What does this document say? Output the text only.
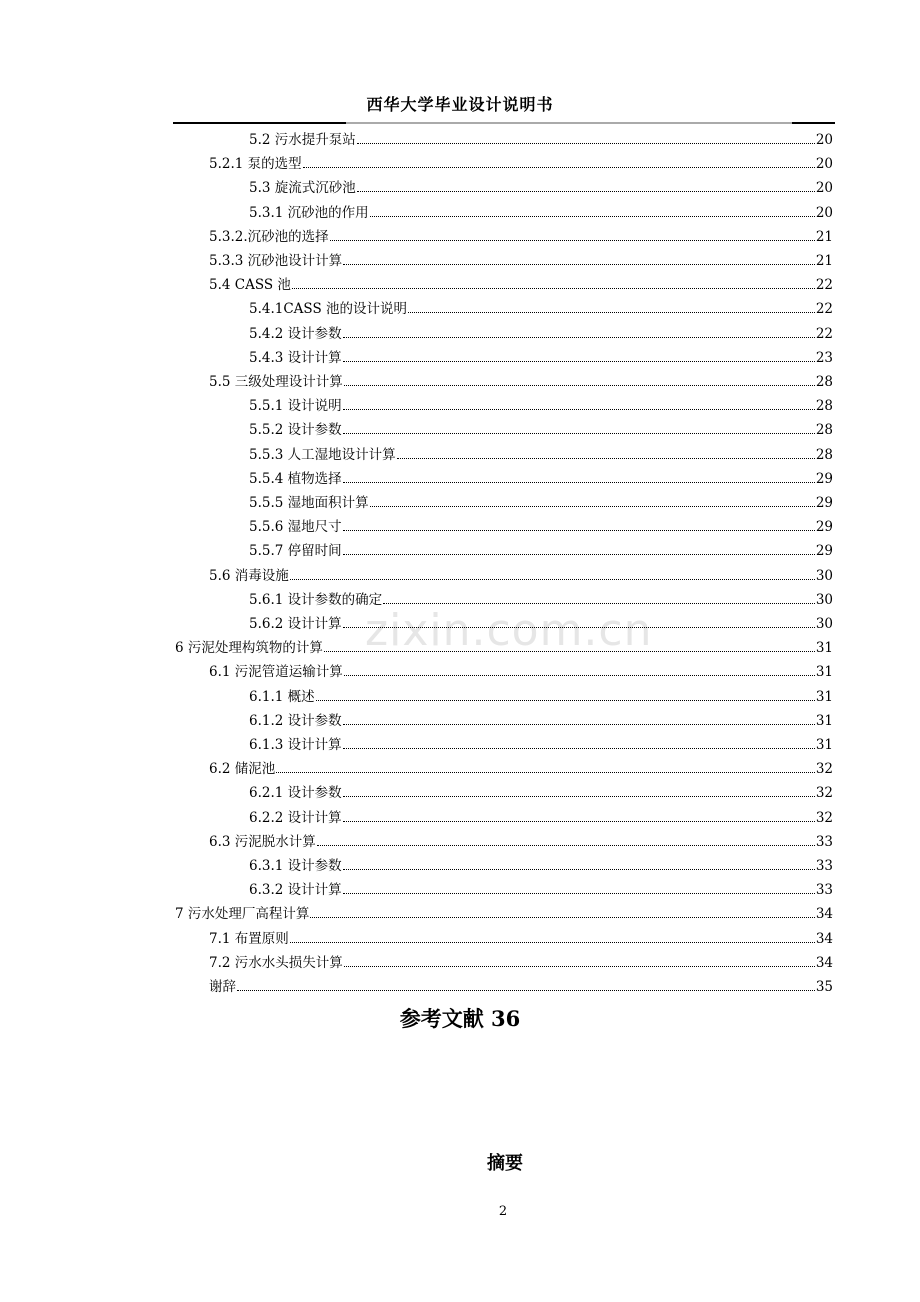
西华大学毕业设计说明书
zixin.com.cn
5.2 污水提升泵站	20
5.2.1 泵的选型	20
5.3 旋流式沉砂池	20
5.3.1 沉砂池的作用	20
5.3.2.沉砂池的选择	21
5.3.3 沉砂池设计计算	21
5.4 CASS 池	22
5.4.1CASS 池的设计说明	22
5.4.2 设计参数	22
5.4.3 设计计算	23
5.5 三级处理设计计算	28
5.5.1 设计说明	28
5.5.2 设计参数	28
5.5.3 人工湿地设计计算	28
5.5.4 植物选择	29
5.5.5 湿地面积计算	29
5.5.6 湿地尺寸	29
5.5.7 停留时间	29
5.6 消毒设施	30
5.6.1 设计参数的确定	30
5.6.2 设计计算	30
6 污泥处理构筑物的计算	31
6.1 污泥管道运输计算	31
6.1.1 概述	31
6.1.2 设计参数	31
6.1.3 设计计算	31
6.2 储泥池	32
6.2.1 设计参数	32
6.2.2 设计计算	32
6.3 污泥脱水计算	33
6.3.1 设计参数	33
6.3.2 设计计算	33
7 污水处理厂高程计算	34
7.1 布置原则	34
7.2 污水水头损失计算	34
谢辞	35
参考文献 36
摘要
2
